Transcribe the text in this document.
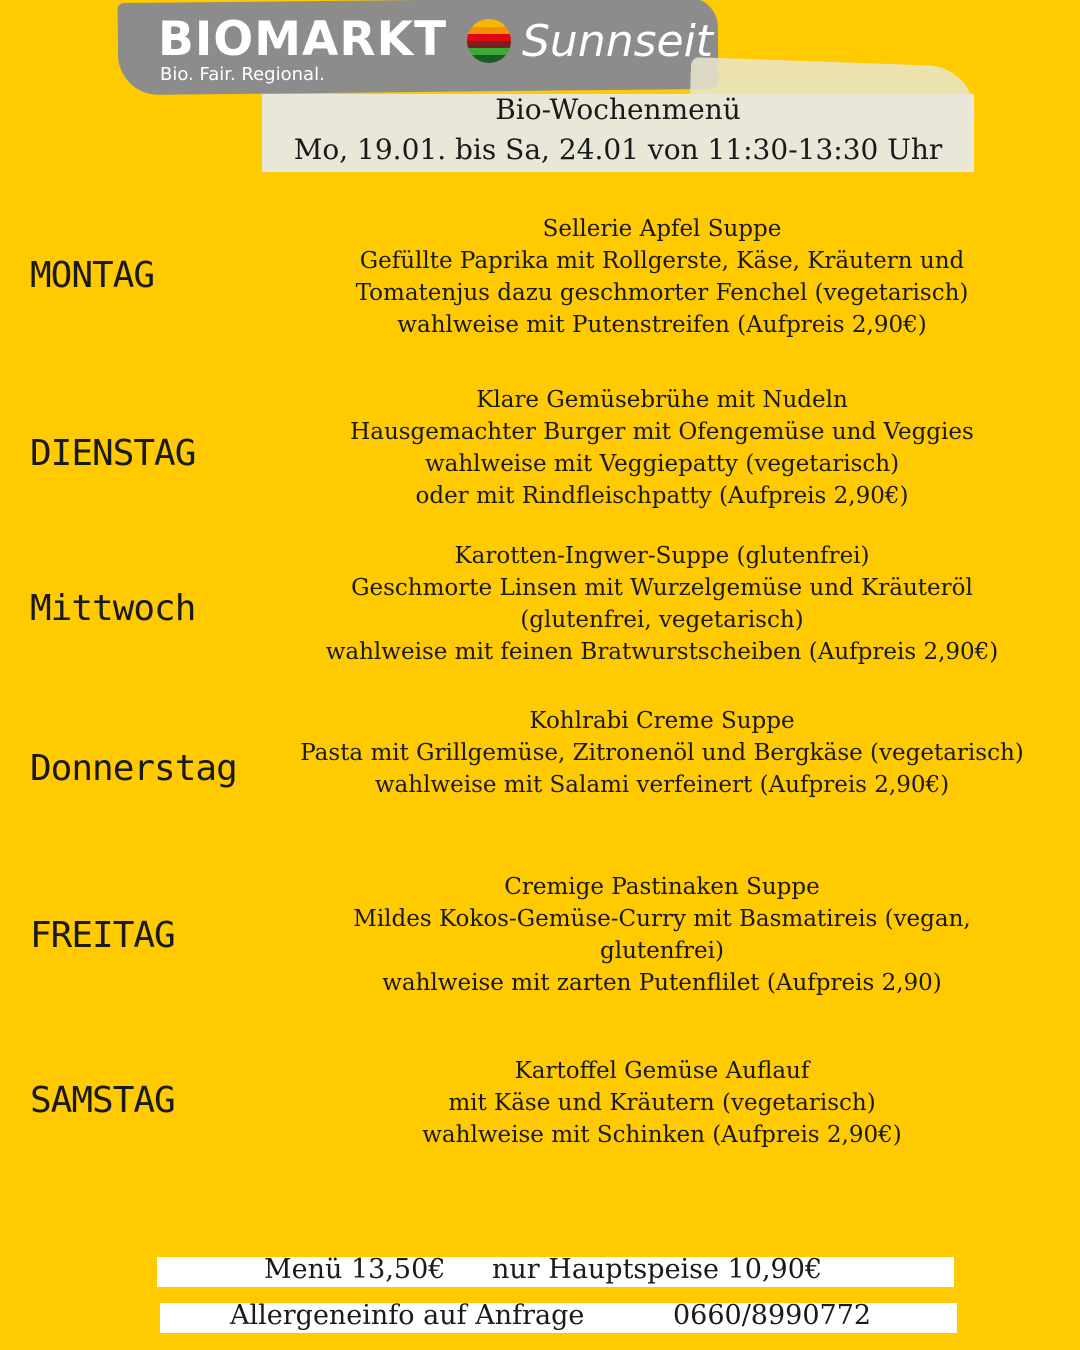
BIOMARKT Sunnseit
Bio. Fair. Regional.
Bio-Wochenmenü
Mo, 19.01. bis Sa, 24.01 von 11:30-13:30 Uhr
MONTAG
Sellerie Apfel Suppe
Gefüllte Paprika mit Rollgerste, Käse, Kräutern und
Tomatenjus dazu geschmorter Fenchel (vegetarisch)
wahlweise mit Putenstreifen (Aufpreis 2,90€)
DIENSTAG
Klare Gemüsebrühe mit Nudeln
Hausgemachter Burger mit Ofengemüse und Veggies
wahlweise mit Veggiepatty (vegetarisch)
oder mit Rindfleischpatty (Aufpreis 2,90€)
Mittwoch
Karotten-Ingwer-Suppe (glutenfrei)
Geschmorte Linsen mit Wurzelgemüse und Kräuteröl
(glutenfrei, vegetarisch)
wahlweise mit feinen Bratwurstscheiben (Aufpreis 2,90€)
Donnerstag
Kohlrabi Creme Suppe
Pasta mit Grillgemüse, Zitronenöl und Bergkäse (vegetarisch)
wahlweise mit Salami verfeinert (Aufpreis 2,90€)
FREITAG
Cremige Pastinaken Suppe
Mildes Kokos-Gemüse-Curry mit Basmatireis (vegan,
glutenfrei)
wahlweise mit zarten Putenflilet (Aufpreis 2,90)
SAMSTAG
Kartoffel Gemüse Auflauf
mit Käse und Kräutern (vegetarisch)
wahlweise mit Schinken (Aufpreis 2,90€)
Menü 13,50€ nur Hauptspeise 10,90€
Allergeneinfo auf Anfrage	0660/8990772
